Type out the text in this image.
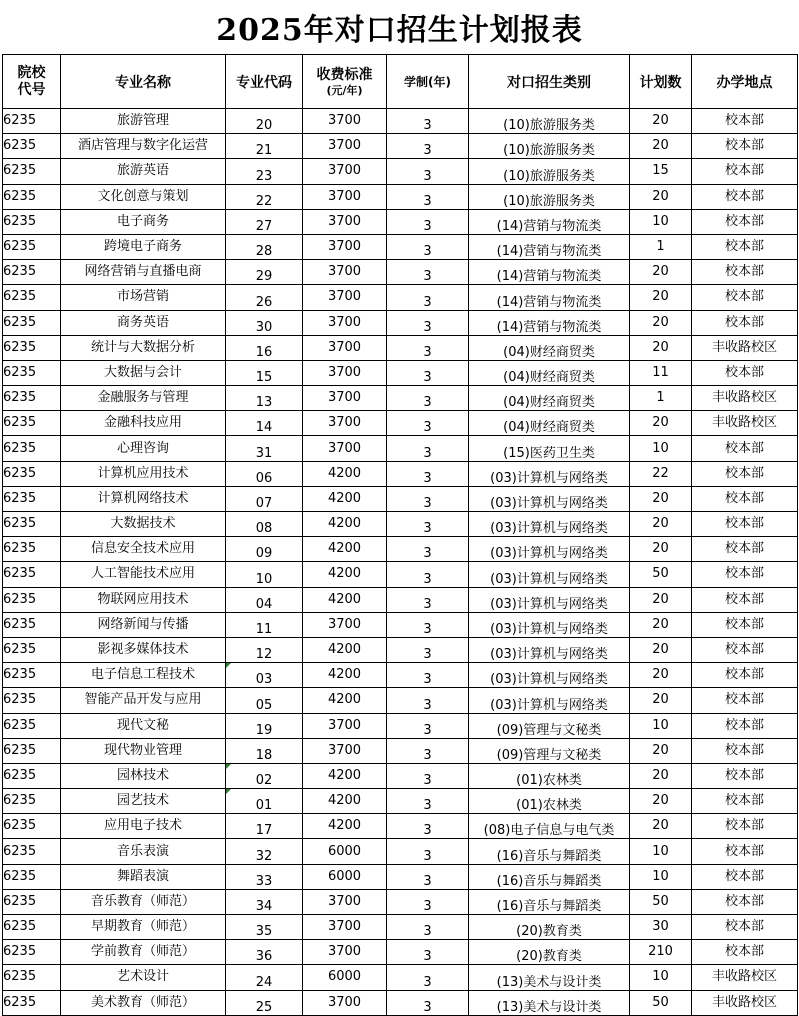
2025年对口招生计划报表
院校
代号	专业名称	专业代码	收费标准
(元/年)	学制(年)	对口招生类别	计划数	办学地点
6235	旅游管理	20	3700	3	(10)旅游服务类	20	校本部
6235	酒店管理与数字化运营	21	3700	3	(10)旅游服务类	20	校本部
6235	旅游英语	23	3700	3	(10)旅游服务类	15	校本部
6235	文化创意与策划	22	3700	3	(10)旅游服务类	20	校本部
6235	电子商务	27	3700	3	(14)营销与物流类	10	校本部
6235	跨境电子商务	28	3700	3	(14)营销与物流类	1	校本部
6235	网络营销与直播电商	29	3700	3	(14)营销与物流类	20	校本部
6235	市场营销	26	3700	3	(14)营销与物流类	20	校本部
6235	商务英语	30	3700	3	(14)营销与物流类	20	校本部
6235	统计与大数据分析	16	3700	3	(04)财经商贸类	20	丰收路校区
6235	大数据与会计	15	3700	3	(04)财经商贸类	11	校本部
6235	金融服务与管理	13	3700	3	(04)财经商贸类	1	丰收路校区
6235	金融科技应用	14	3700	3	(04)财经商贸类	20	丰收路校区
6235	心理咨询	31	3700	3	(15)医药卫生类	10	校本部
6235	计算机应用技术	06	4200	3	(03)计算机与网络类	22	校本部
6235	计算机网络技术	07	4200	3	(03)计算机与网络类	20	校本部
6235	大数据技术	08	4200	3	(03)计算机与网络类	20	校本部
6235	信息安全技术应用	09	4200	3	(03)计算机与网络类	20	校本部
6235	人工智能技术应用	10	4200	3	(03)计算机与网络类	50	校本部
6235	物联网应用技术	04	4200	3	(03)计算机与网络类	20	校本部
6235	网络新闻与传播	11	3700	3	(03)计算机与网络类	20	校本部
6235	影视多媒体技术	12	4200	3	(03)计算机与网络类	20	校本部
6235	电子信息工程技术	03	4200	3	(03)计算机与网络类	20	校本部
6235	智能产品开发与应用	05	4200	3	(03)计算机与网络类	20	校本部
6235	现代文秘	19	3700	3	(09)管理与文秘类	10	校本部
6235	现代物业管理	18	3700	3	(09)管理与文秘类	20	校本部
6235	园林技术	02	4200	3	(01)农林类	20	校本部
6235	园艺技术	01	4200	3	(01)农林类	20	校本部
6235	应用电子技术	17	4200	3	(08)电子信息与电气类	20	校本部
6235	音乐表演	32	6000	3	(16)音乐与舞蹈类	10	校本部
6235	舞蹈表演	33	6000	3	(16)音乐与舞蹈类	10	校本部
6235	音乐教育（师范）	34	3700	3	(16)音乐与舞蹈类	50	校本部
6235	早期教育（师范）	35	3700	3	(20)教育类	30	校本部
6235	学前教育（师范）	36	3700	3	(20)教育类	210	校本部
6235	艺术设计	24	6000	3	(13)美术与设计类	10	丰收路校区
6235	美术教育（师范）	25	3700	3	(13)美术与设计类	50	丰收路校区
